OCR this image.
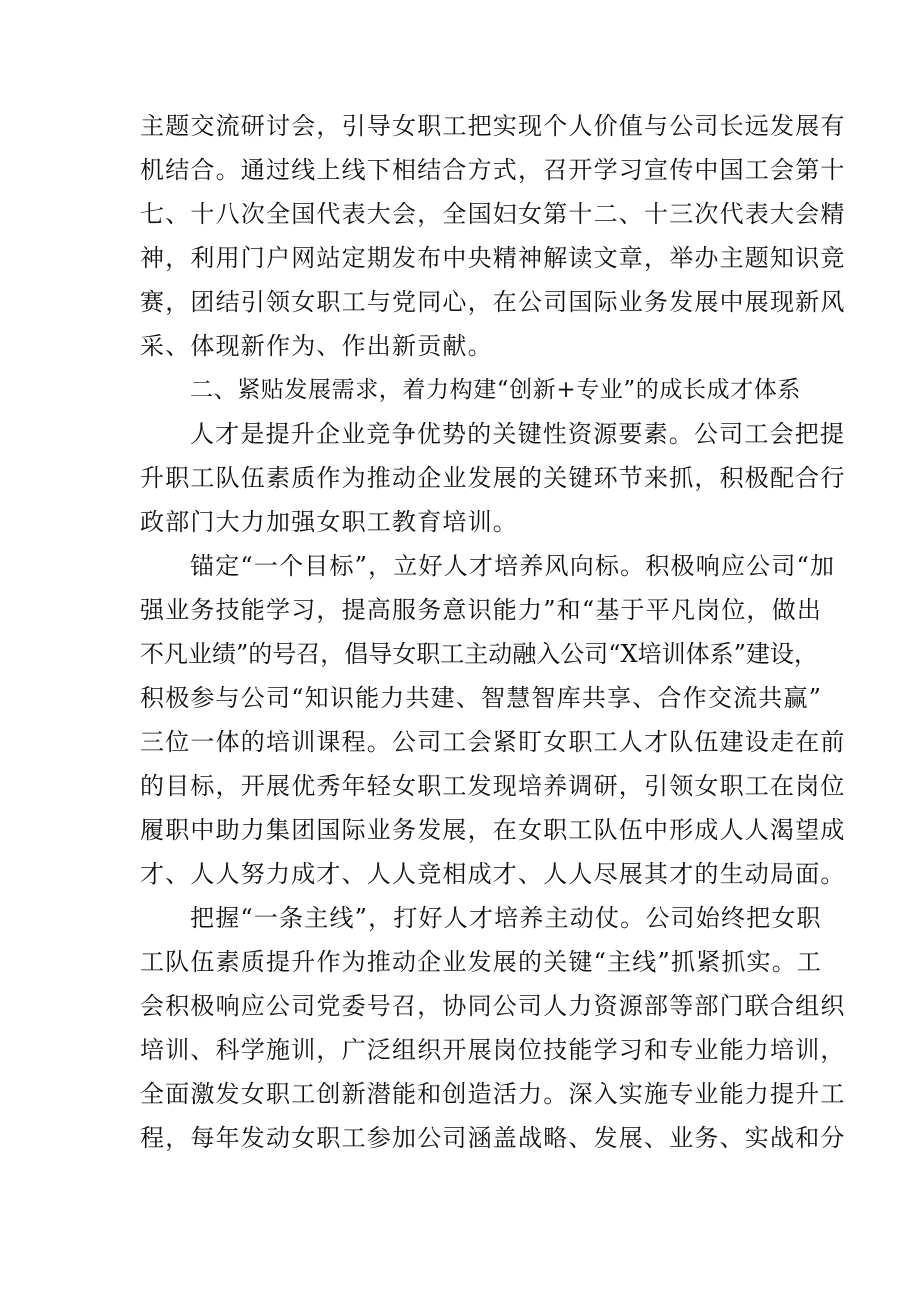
主题交流研讨会，引导女职工把实现个人价值与公司长远发展有
机结合。通过线上线下相结合方式，召开学习宣传中国工会第十
七、十八次全国代表大会，全国妇女第十二、十三次代表大会精
神，利用门户网站定期发布中央精神解读文章，举办主题知识竞
赛，团结引领女职工与党同心，在公司国际业务发展中展现新风
采、体现新作为、作出新贡献。
二、紧贴发展需求，着力构建“创新+专业”的成长成才体系
人才是提升企业竞争优势的关键性资源要素。公司工会把提
升职工队伍素质作为推动企业发展的关键环节来抓，积极配合行
政部门大力加强女职工教育培训。
锚定“一个目标”，立好人才培养风向标。积极响应公司“加
强业务技能学习，提高服务意识能力”和“基于平凡岗位，做出
不凡业绩”的号召，倡导女职工主动融入公司“X培训体系”建设，
积极参与公司“知识能力共建、智慧智库共享、合作交流共赢”
三位一体的培训课程。公司工会紧盯女职工人才队伍建设走在前
的目标，开展优秀年轻女职工发现培养调研，引领女职工在岗位
履职中助力集团国际业务发展，在女职工队伍中形成人人渴望成
才、人人努力成才、人人竞相成才、人人尽展其才的生动局面。
把握“一条主线”，打好人才培养主动仗。公司始终把女职
工队伍素质提升作为推动企业发展的关键“主线”抓紧抓实。工
会积极响应公司党委号召，协同公司人力资源部等部门联合组织
培训、科学施训，广泛组织开展岗位技能学习和专业能力培训，
全面激发女职工创新潜能和创造活力。深入实施专业能力提升工
程，每年发动女职工参加公司涵盖战略、发展、业务、实战和分
